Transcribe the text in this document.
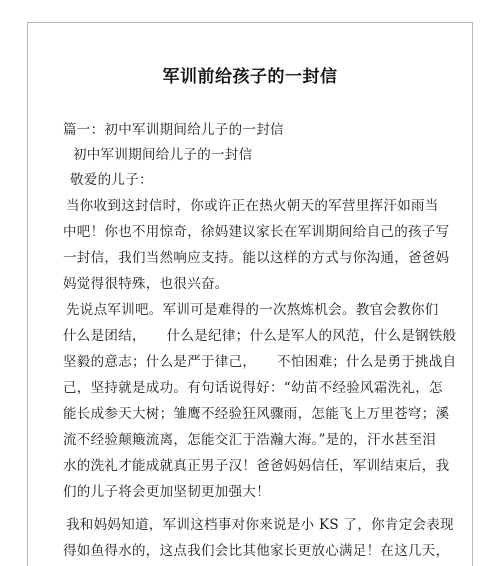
军训前给孩子的一封信
篇一：初中军训期间给儿子的一封信
初中军训期间给儿子的一封信
敬爱的儿子：
当你收到这封信时，你或许正在热火朝天的军营里挥汗如雨当
中吧！你也不用惊奇，徐妈建议家长在军训期间给自己的孩子写
一封信，我们当然响应支持。能以这样的方式与你沟通，爸爸妈
妈觉得很特殊，也很兴奋。
先说点军训吧。军训可是难得的一次熬炼机会。教官会教你们
什么是团结，　　什么是纪律；什么是军人的风范，什么是钢铁般
坚毅的意志；什么是严于律己，　　不怕困难；什么是勇于挑战自
己，坚持就是成功。有句话说得好：“幼苗不经验风霜洗礼，怎
能长成参天大树；雏鹰不经验狂风骤雨，怎能飞上万里苍穹；溪
流不经验颠簸流离，怎能交汇于浩瀚大海。”是的，汗水甚至泪
水的洗礼才能成就真正男子汉！爸爸妈妈信任，军训结束后，我
们的儿子将会更加坚韧更加强大！
我和妈妈知道，军训这档事对你来说是小 KS 了，你肯定会表现
得如鱼得水的，这点我们会比其他家长更放心满足！在这几天，
